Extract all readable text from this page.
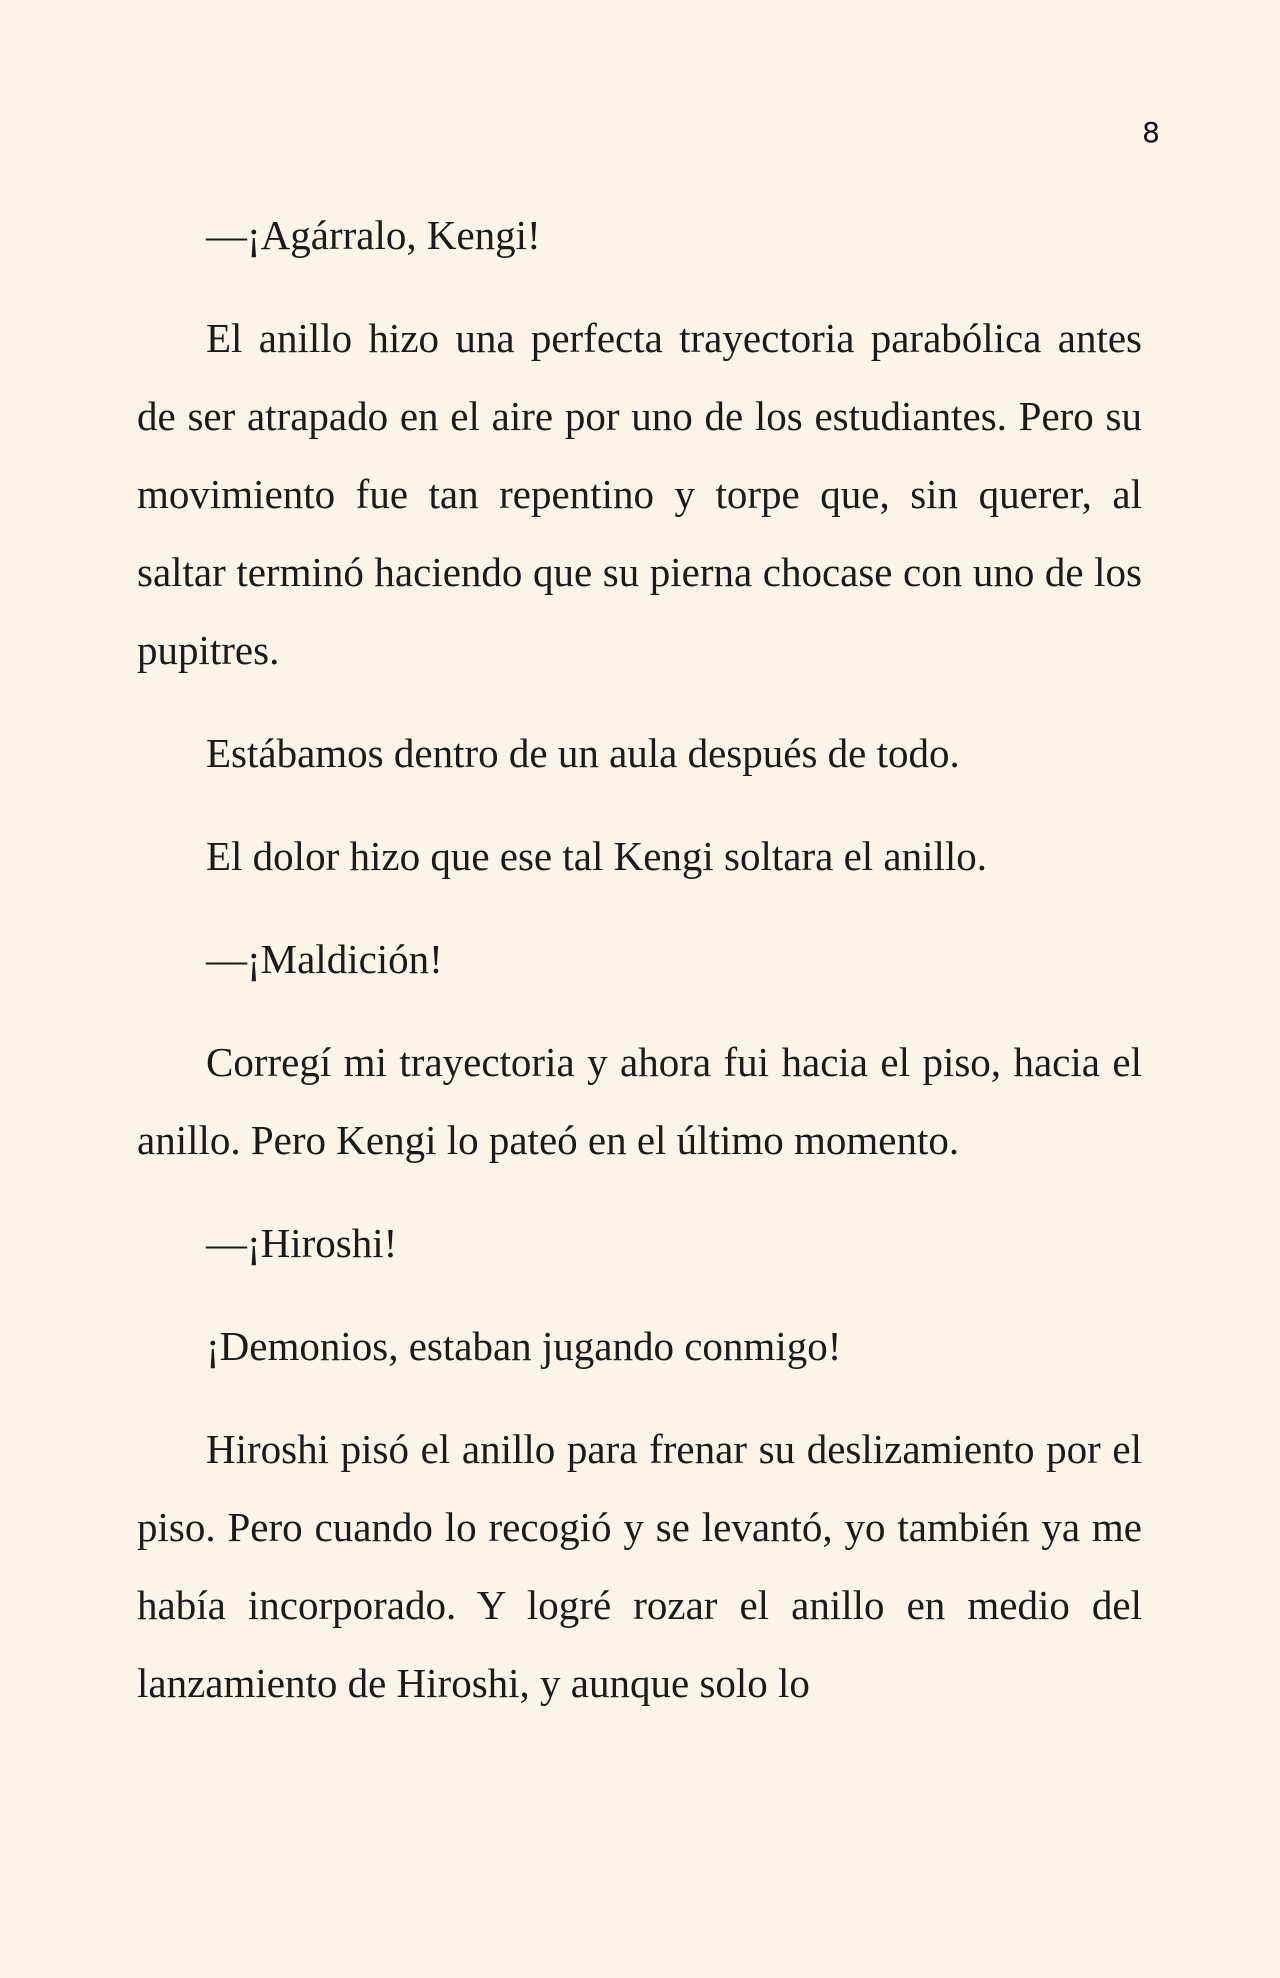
8

—¡Agárralo, Kengi!

El anillo hizo una perfecta trayectoria parabólica antes de ser atrapado en el aire por uno de los estudiantes. Pero su movimiento fue tan repentino y torpe que, sin querer, al saltar terminó haciendo que su pierna chocase con uno de los pupitres.

Estábamos dentro de un aula después de todo.

El dolor hizo que ese tal Kengi soltara el anillo.

—¡Maldición!

Corregí mi trayectoria y ahora fui hacia el piso, hacia el anillo. Pero Kengi lo pateó en el último momento.

—¡Hiroshi!

¡Demonios, estaban jugando conmigo!

Hiroshi pisó el anillo para frenar su deslizamiento por el piso. Pero cuando lo recogió y se levantó, yo también ya me había incorporado. Y logré rozar el anillo en medio del lanzamiento de Hiroshi, y aunque solo lo
